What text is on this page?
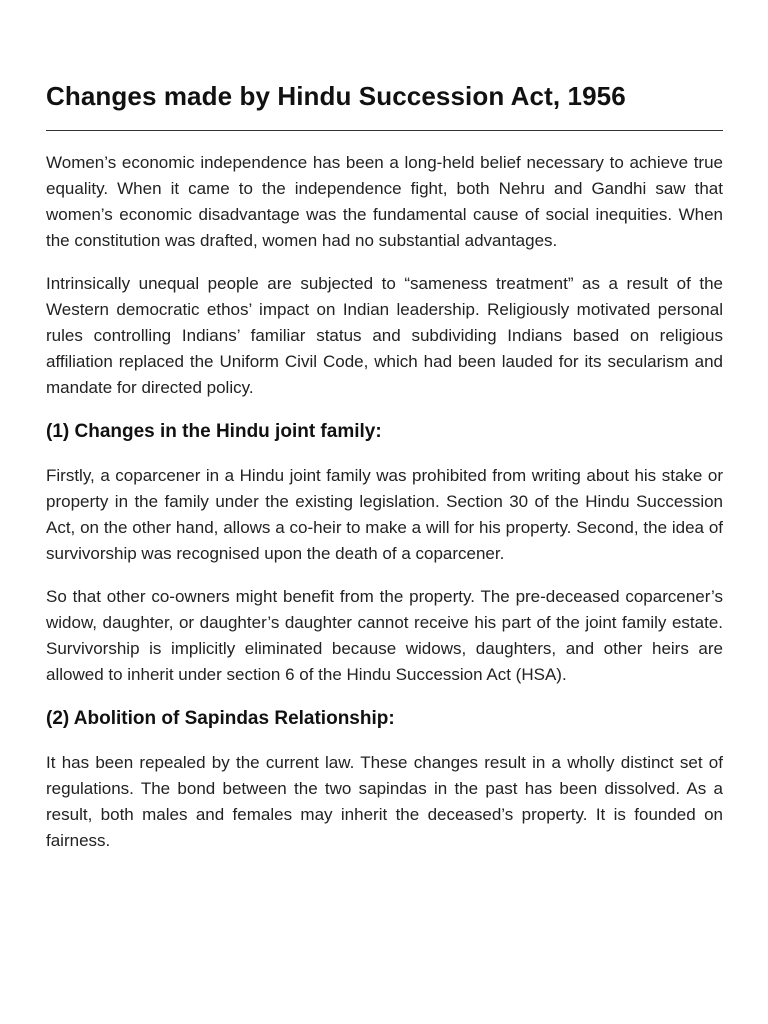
Changes made by Hindu Succession Act, 1956

Women’s economic independence has been a long-held belief necessary to achieve true equality. When it came to the independence fight, both Nehru and Gandhi saw that women’s economic disadvantage was the fundamental cause of social inequities. When the constitution was drafted, women had no substantial advantages.

Intrinsically unequal people are subjected to “sameness treatment” as a result of the Western democratic ethos’ impact on Indian leadership. Religiously motivated personal rules controlling Indians’ familiar status and subdividing Indians based on religious affiliation replaced the Uniform Civil Code, which had been lauded for its secularism and mandate for directed policy.

(1) Changes in the Hindu joint family:

Firstly, a coparcener in a Hindu joint family was prohibited from writing about his stake or property in the family under the existing legislation. Section 30 of the Hindu Succession Act, on the other hand, allows a co-heir to make a will for his property. Second, the idea of survivorship was recognised upon the death of a coparcener.

So that other co-owners might benefit from the property. The pre-deceased coparcener’s widow, daughter, or daughter’s daughter cannot receive his part of the joint family estate. Survivorship is implicitly eliminated because widows, daughters, and other heirs are allowed to inherit under section 6 of the Hindu Succession Act (HSA).

(2) Abolition of Sapindas Relationship:

It has been repealed by the current law. These changes result in a wholly distinct set of regulations. The bond between the two sapindas in the past has been dissolved. As a result, both males and females may inherit the deceased’s property. It is founded on fairness.
